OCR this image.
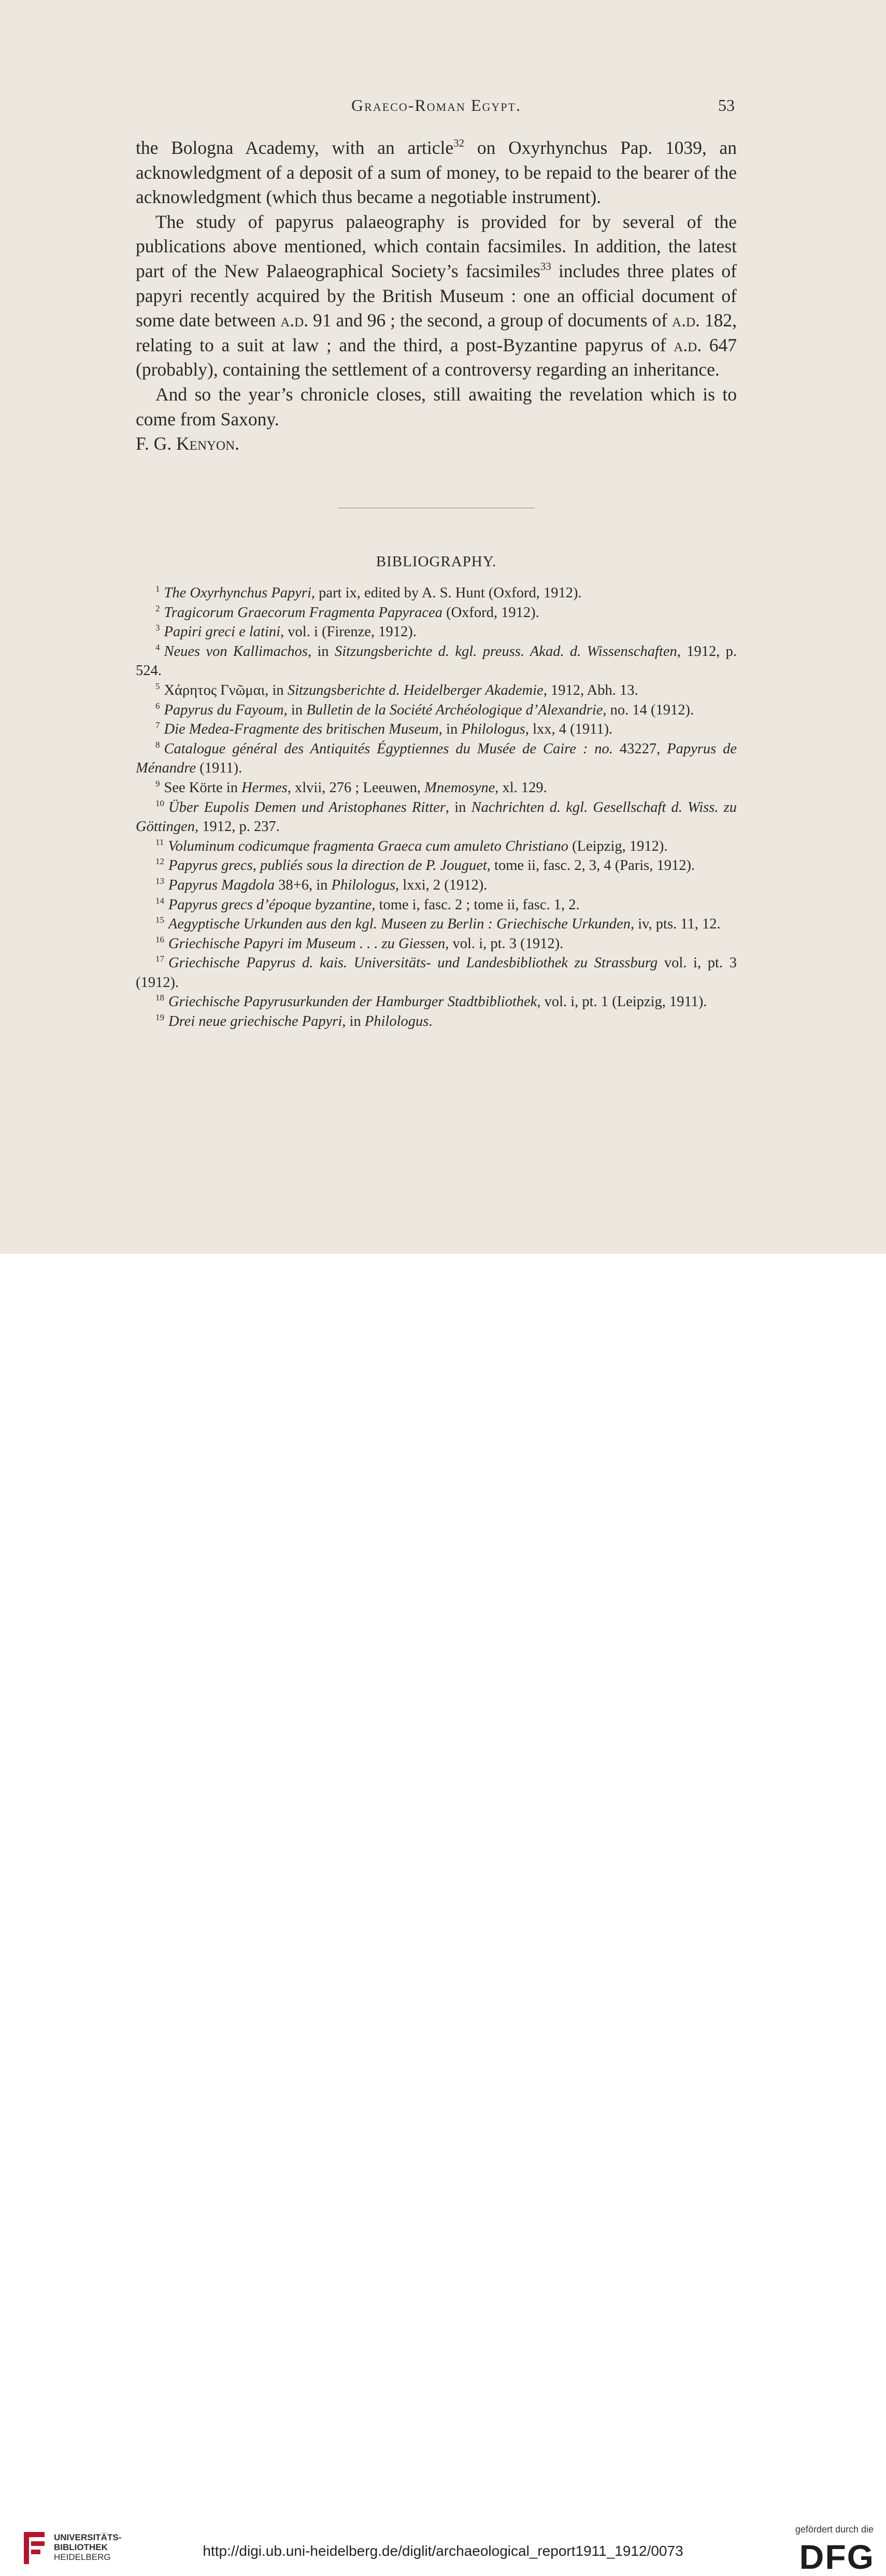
Graeco-Roman Egypt.	53

the Bologna Academy, with an article$^{32}$ on Oxyrhynchus Pap. 1039, an acknowledgment of a deposit of a sum of money, to be repaid to the bearer of the acknowledgment (which thus became a negotiable instrument).

The study of papyrus palaeography is provided for by several of the publications above mentioned, which contain facsimiles. In addition, the latest part of the New Palaeographical Society’s facsimiles$^{33}$ includes three plates of papyri recently acquired by the British Museum : one an official document of some date between a.d. 91 and 96 ; the second, a group of documents of a.d. 182, relating to a suit at law ; and the third, a post-Byzantine papyrus of a.d. 647 (probably), containing the settlement of a controversy regarding an inheritance.

And so the year’s chronicle closes, still awaiting the revelation which is to come from Saxony.

F. G. Kenyon.

BIBLIOGRAPHY.

$^1$ The Oxyrhynchus Papyri, part ix, edited by A. S. Hunt (Oxford, 1912).

$^2$ Tragicorum Graecorum Fragmenta Papyracea (Oxford, 1912).

$^3$ Papiri greci e latini, vol. i (Firenze, 1912).

$^4$ Neues von Kallimachos, in Sitzungsberichte d. kgl. preuss. Akad. d. Wissenschaften, 1912, p. 524.

$^5$ Χάρητος Γνῶμαι, in Sitzungsberichte d. Heidelberger Akademie, 1912, Abh. 13.

$^6$ Papyrus du Fayoum, in Bulletin de la Société Archéologique d’Alexandrie, no. 14 (1912).

$^7$ Die Medea-Fragmente des britischen Museum, in Philologus, lxx, 4 (1911).

$^8$ Catalogue général des Antiquités Égyptiennes du Musée de Caire : no. 43227, Papyrus de Ménandre (1911).

$^9$ See Körte in Hermes, xlvii, 276 ; Leeuwen, Mnemosyne, xl. 129.

$^{10}$ Über Eupolis Demen und Aristophanes Ritter, in Nachrichten d. kgl. Gesellschaft d. Wiss. zu Göttingen, 1912, p. 237.

$^{11}$ Voluminum codicumque fragmenta Graeca cum amuleto Christiano (Leipzig, 1912).

$^{12}$ Papyrus grecs, publiés sous la direction de P. Jouguet, tome ii, fasc. 2, 3, 4 (Paris, 1912).

$^{13}$ Papyrus Magdola 38+6, in Philologus, lxxi, 2 (1912).

$^{14}$ Papyrus grecs d’époque byzantine, tome i, fasc. 2 ; tome ii, fasc. 1, 2.

$^{15}$ Aegyptische Urkunden aus den kgl. Museen zu Berlin : Griechische Urkunden, iv, pts. 11, 12.

$^{16}$ Griechische Papyri im Museum . . . zu Giessen, vol. i, pt. 3 (1912).

$^{17}$ Griechische Papyrus d. kais. Universitäts- und Landesbibliothek zu Strassburg vol. i, pt. 3 (1912).

$^{18}$ Griechische Papyrusurkunden der Hamburger Stadtbibliothek, vol. i, pt. 1 (Leipzig, 1911).

$^{19}$ Drei neue griechische Papyri, in Philologus.

UNIVERSITÄTS-
BIBLIOTHEK
HEIDELBERG	http://digi.ub.uni-heidelberg.de/diglit/archaeological_report1911_1912/0073
gefördert durch die
DFG
